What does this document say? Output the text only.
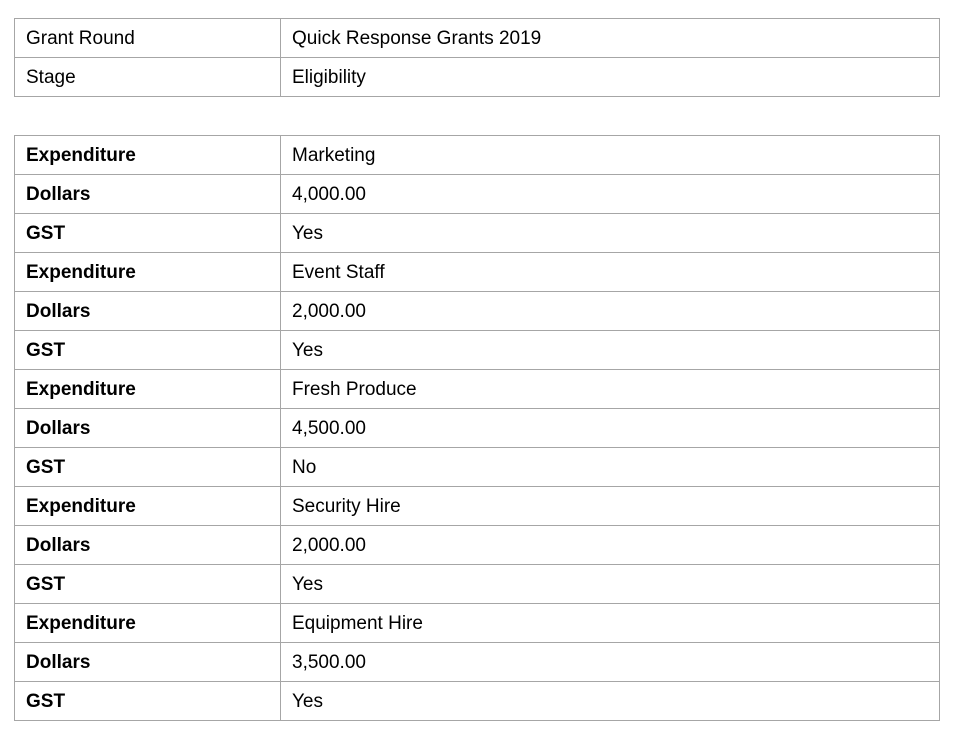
Grant Round	Quick Response Grants 2019
Stage	Eligibility
Expenditure	Marketing
Dollars	4,000.00
GST	Yes
Expenditure	Event Staff
Dollars	2,000.00
GST	Yes
Expenditure	Fresh Produce
Dollars	4,500.00
GST	No
Expenditure	Security Hire
Dollars	2,000.00
GST	Yes
Expenditure	Equipment Hire
Dollars	3,500.00
GST	Yes
